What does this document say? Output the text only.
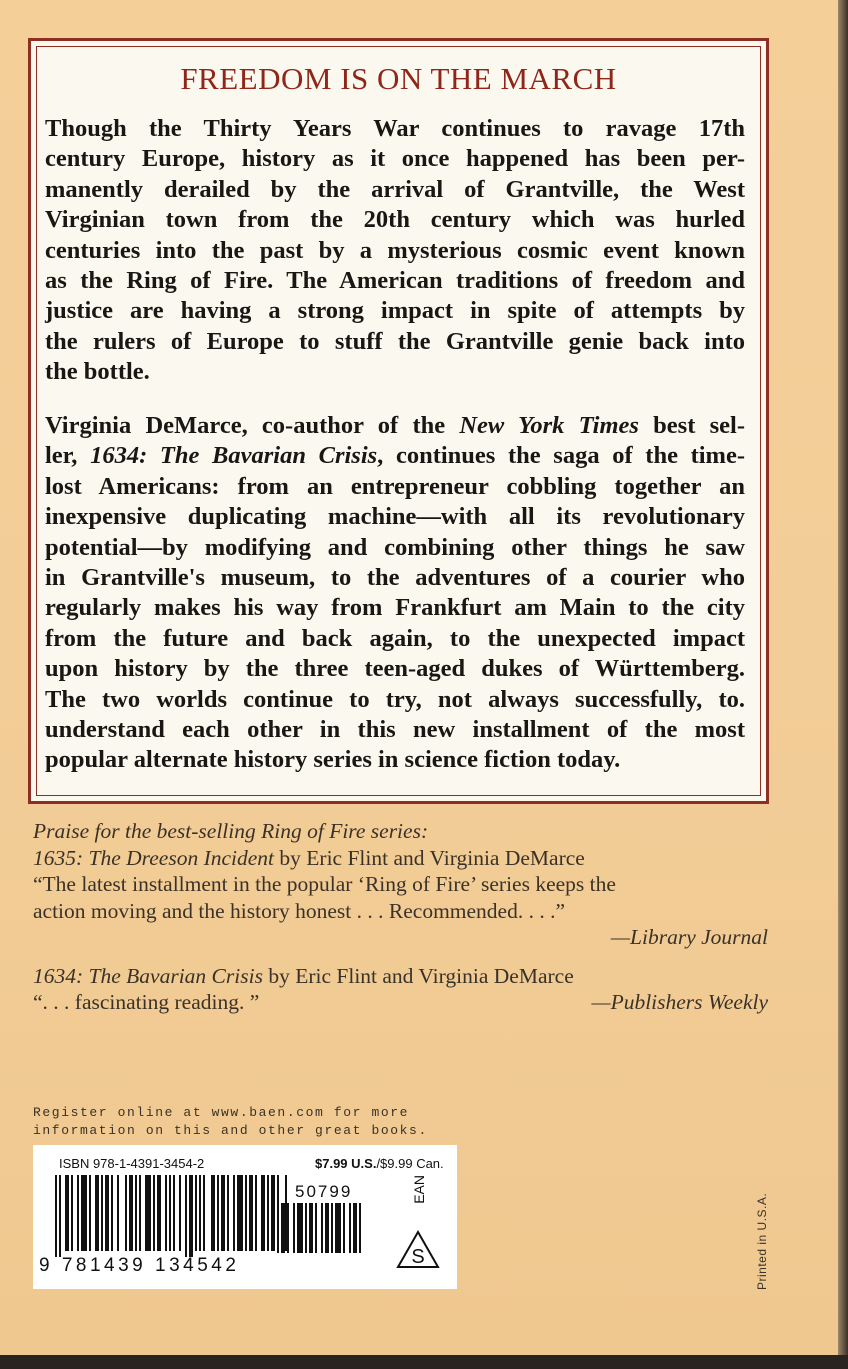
FREEDOM IS ON THE MARCH
Though the Thirty Years War continues to ravage 17th
century Europe, history as it once happened has been per-
manently derailed by the arrival of Grantville, the West
Virginian town from the 20th century which was hurled
centuries into the past by a mysterious cosmic event known
as the Ring of Fire. The American traditions of freedom and
justice are having a strong impact in spite of attempts by
the rulers of Europe to stuff the Grantville genie back into
the bottle.
Virginia DeMarce, co-author of the New York Times best sel-
ler, 1634: The Bavarian Crisis, continues the saga of the time-
lost Americans: from an entrepreneur cobbling together an
inexpensive duplicating machine—with all its revolutionary
potential—by modifying and combining other things he saw
in Grantville's museum, to the adventures of a courier who
regularly makes his way from Frankfurt am Main to the city
from the future and back again, to the unexpected impact
upon history by the three teen-aged dukes of Württemberg.
The two worlds continue to try, not always successfully, to.
understand each other in this new installment of the most
popular alternate history series in science fiction today.
Praise for the best-selling Ring of Fire series:
1635: The Dreeson Incident by Eric Flint and Virginia DeMarce
“The latest installment in the popular ‘Ring of Fire’ series keeps the
action moving and the history honest . . . Recommended. . . .”
—Library Journal
1634: The Bavarian Crisis by Eric Flint and Virginia DeMarce
“. . . fascinating reading. ”	—Publishers Weekly
Register online at www.baen.com for more
information on this and other great books.
ISBN 978-1-4391-3454-2	$7.99 U.S./$9.99 Can.
50799	EAN
S
9 781439 134542	Printed in U.S.A.
